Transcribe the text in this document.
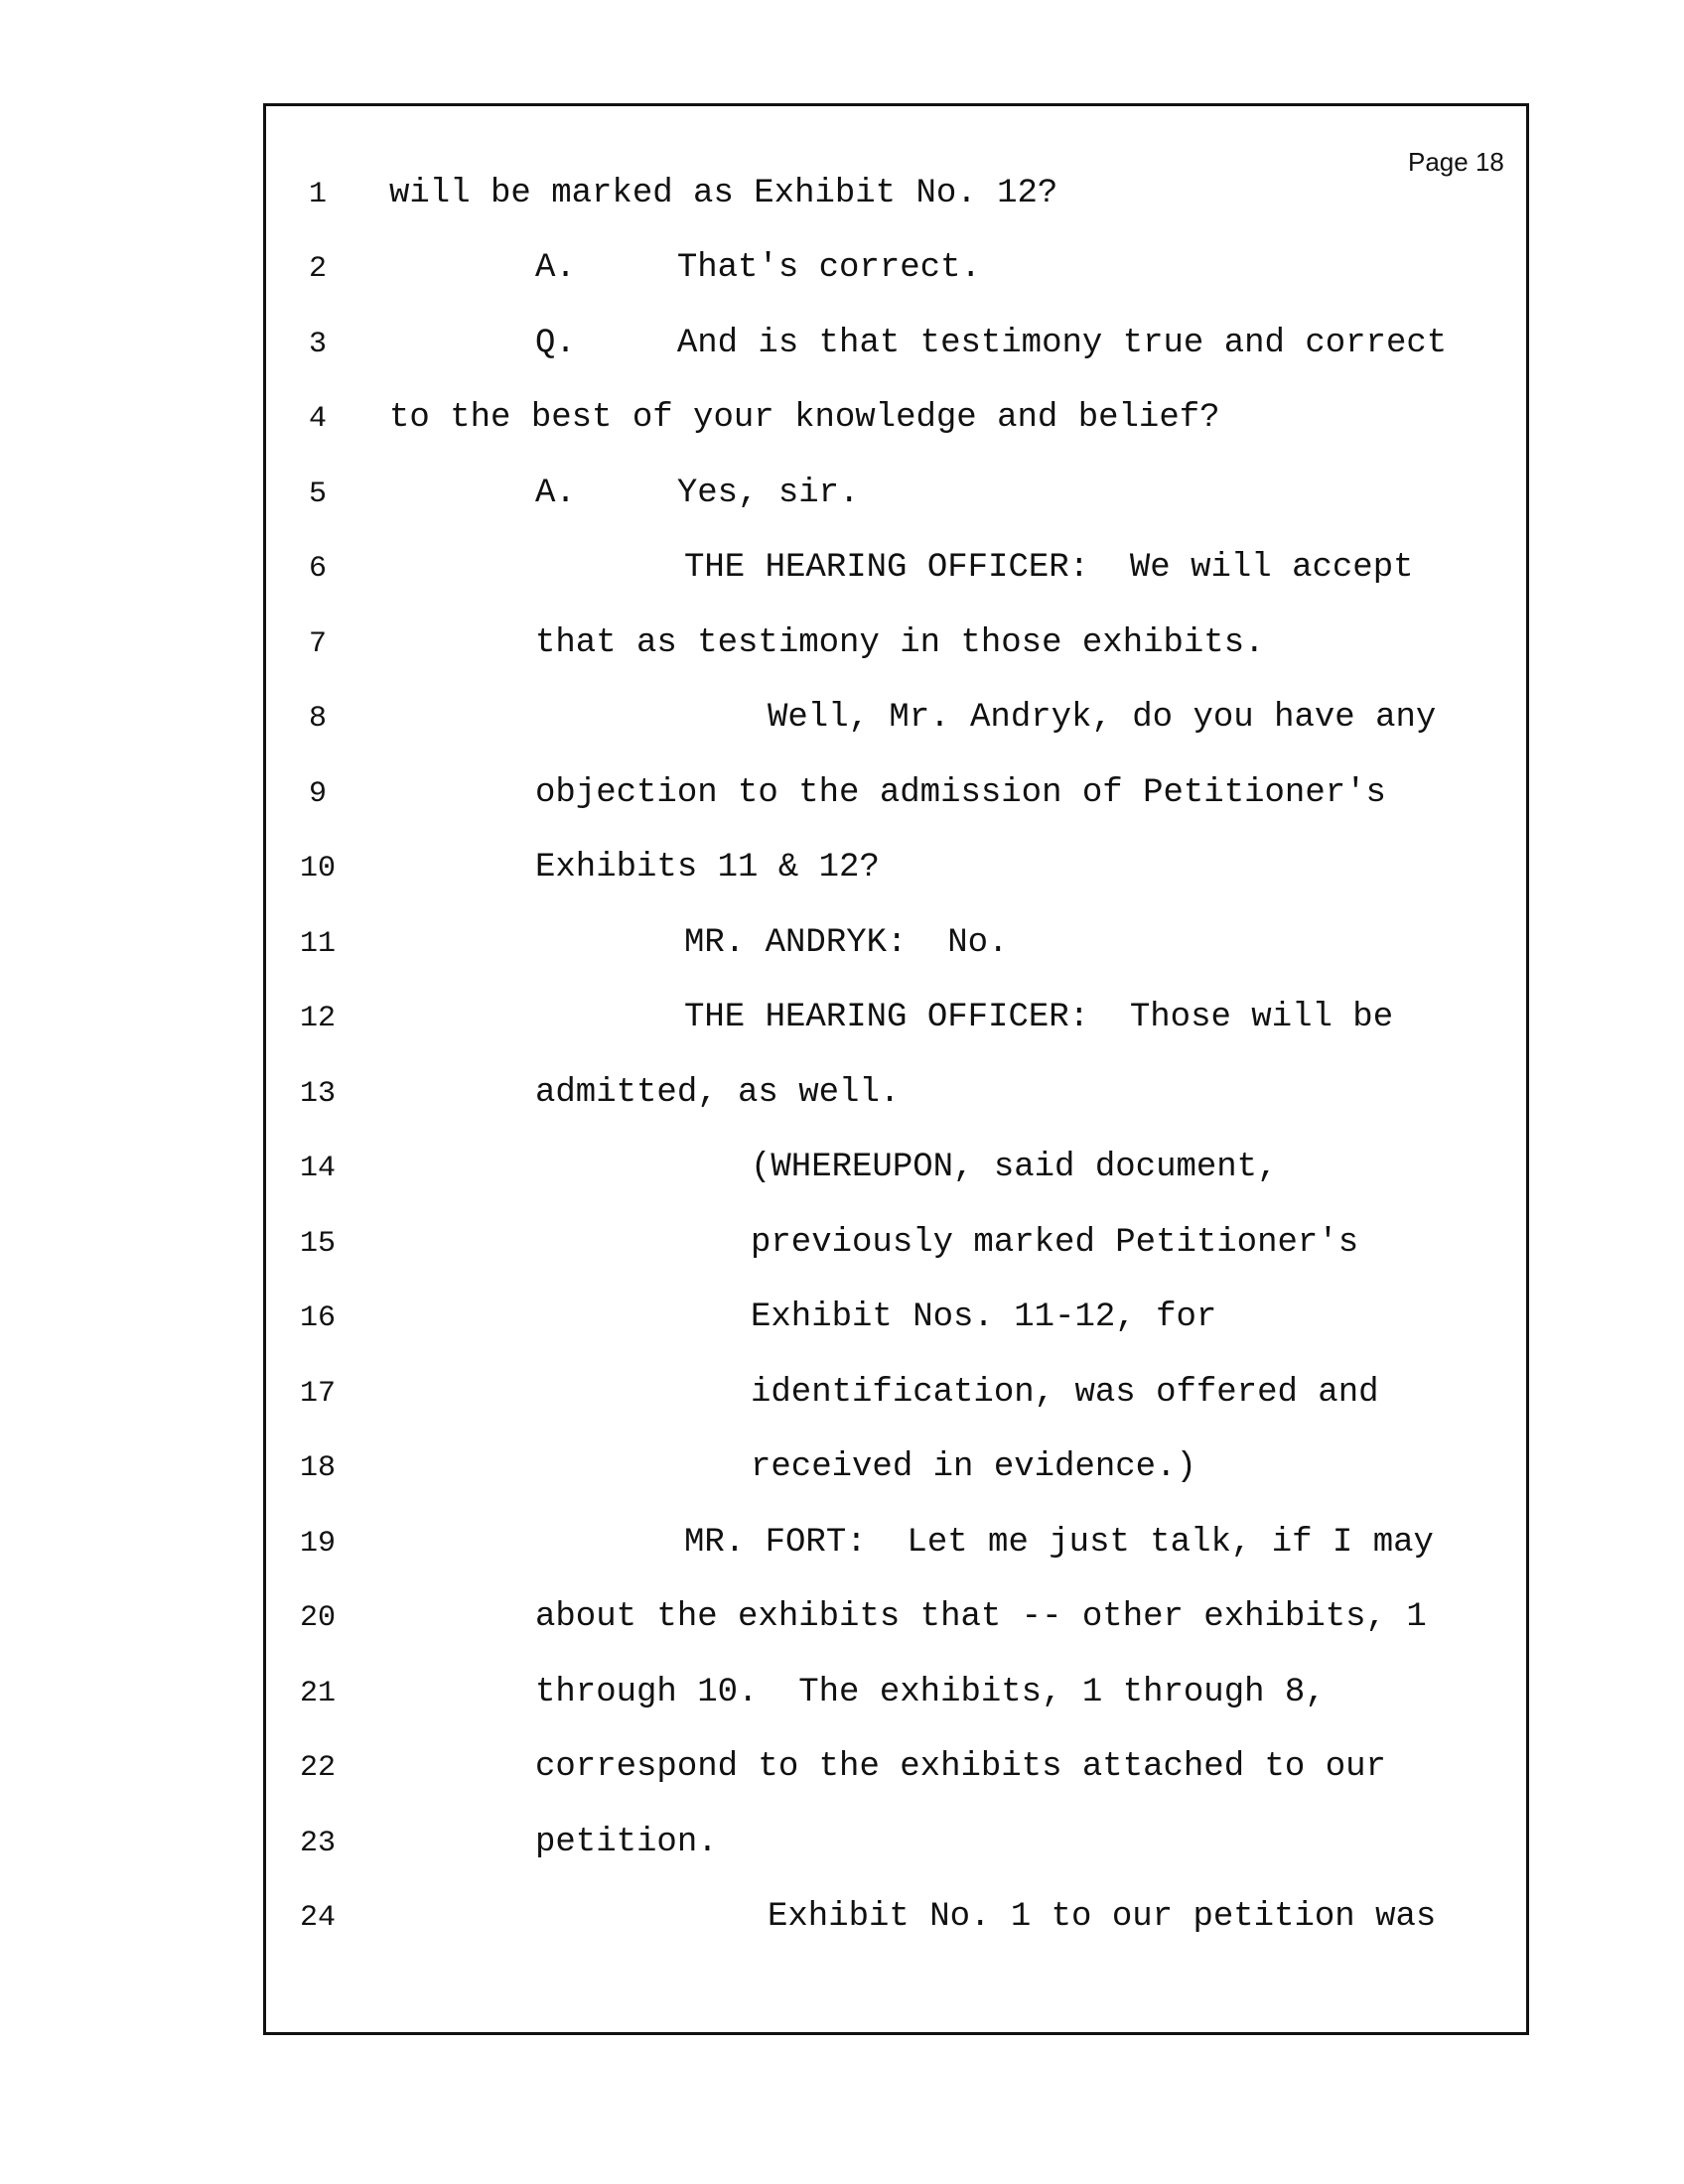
Page 18
1	will be marked as Exhibit No. 12?
2	A.     That's correct.
3	Q.     And is that testimony true and correct
4	to the best of your knowledge and belief?
5	A.     Yes, sir.
6	THE HEARING OFFICER:  We will accept
7	that as testimony in those exhibits.
8	Well, Mr. Andryk, do you have any
9	objection to the admission of Petitioner's
10	Exhibits 11 & 12?
11	MR. ANDRYK:  No.
12	THE HEARING OFFICER:  Those will be
13	admitted, as well.
14	(WHEREUPON, said document,
15	previously marked Petitioner's
16	Exhibit Nos. 11-12, for
17	identification, was offered and
18	received in evidence.)
19	MR. FORT:  Let me just talk, if I may
20	about the exhibits that -- other exhibits, 1
21	through 10.  The exhibits, 1 through 8,
22	correspond to the exhibits attached to our
23	petition.
24	Exhibit No. 1 to our petition was
